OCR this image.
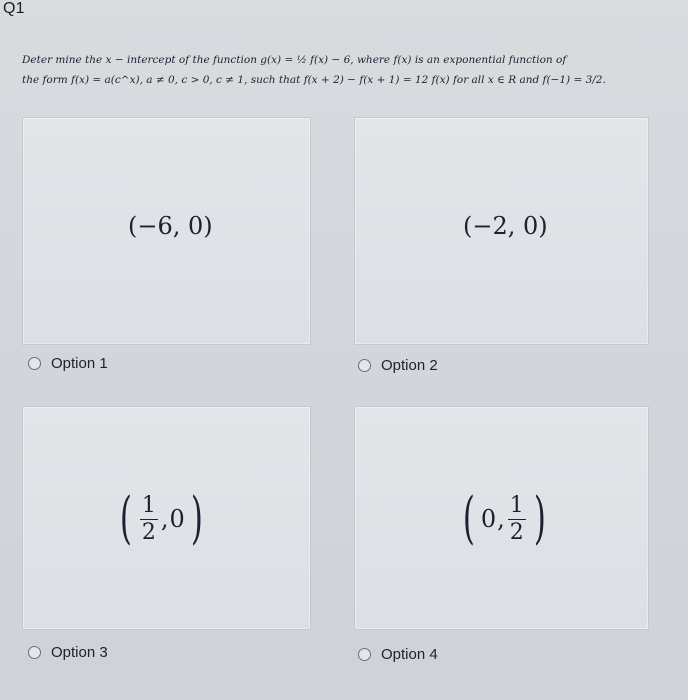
Q1
Deter mine the x − intercept of the function g(x) = ½ f(x) − 6, where f(x) is an exponential function of
the form f(x) = a(c^x), a ≠ 0, c > 0, c ≠ 1, such that f(x + 2) − f(x + 1) = 12 f(x) for all x ∈ R and f(−1) = 3/2.
(−6, 0)
Option 1
(−2, 0)
Option 2
( $\frac{1}{2}$ , 0 )
Option 3
( 0 , $\frac{1}{2}$ )
Option 4
